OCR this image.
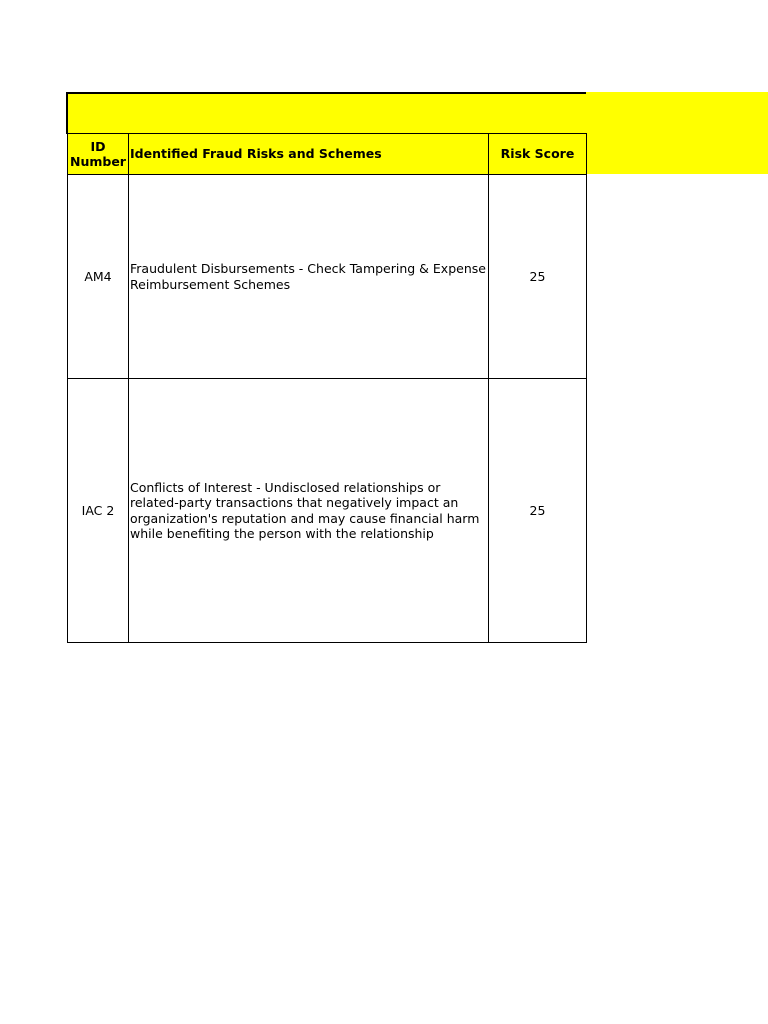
ID Number	Identified Fraud Risks and Schemes	Risk Score
AM4	Fraudulent Disbursements - Check Tampering & Expense Reimbursement Schemes	25
IAC 2	Conflicts of Interest - Undisclosed relationships or related-party transactions that negatively impact an organization's reputation and may cause financial harm while benefiting the person with the relationship	25
